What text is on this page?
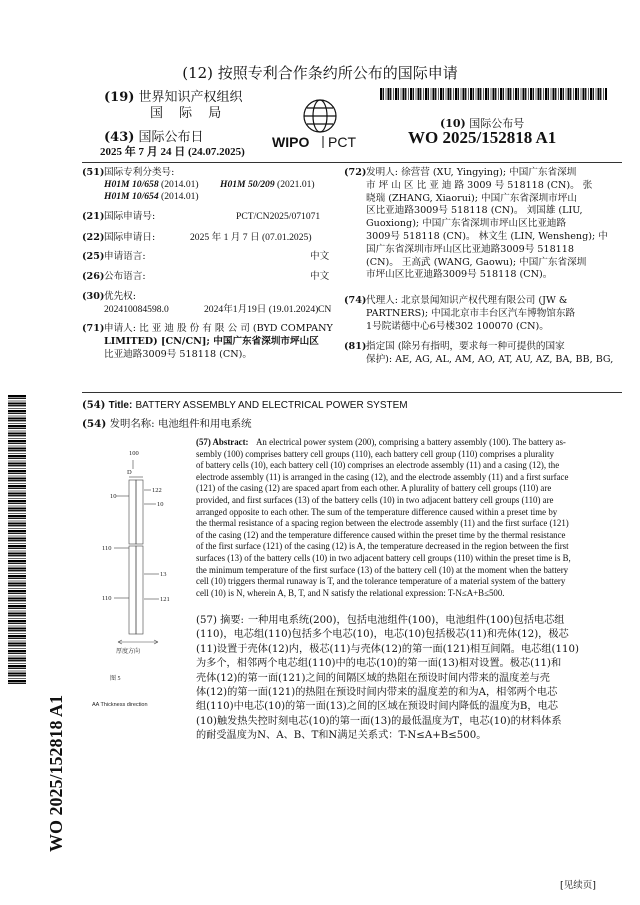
(12) 按照专利合作条约所公布的国际申请
(19) 世界知识产权组织
国 际 局
(43) 国际公布日
2025 年 7 月 24 日 (24.07.2025)
WIPO PCT
(10) 国际公布号
WO 2025/152818 A1
(51)国际专利分类号:
H01M 10/658 (2014.01) H01M 50/209 (2021.01)
H01M 10/654 (2014.01)
(21)国际申请号:	PCT/CN2025/071071
(22)国际申请日:	2025 年 1 月 7 日 (07.01.2025)
(25)申请语言:	中文
(26)公布语言:	中文
(30)优先权:
202410084598.0	2024年1月19日 (19.01.2024) CN
(71)申请人: 比 亚 迪 股 份 有 限 公 司 (BYD COMPANY
LIMITED) [CN/CN]; 中国广东省深圳市坪山区
比亚迪路3009号 518118 (CN)。
(72) 发明人: 徐营营 (XU, Yingying); 中国广东省深圳
市 坪 山 区 比 亚 迪 路 3009 号 518118 (CN)。 张
晓瑞 (ZHANG, Xiaorui); 中国广东省深圳市坪山
区比亚迪路3009号 518118 (CN)。 刘国雄 (LIU,
Guoxiong); 中国广东省深圳市坪山区比亚迪路
3009号 518118 (CN)。 林文生 (LIN, Wensheng); 中
国广东省深圳市坪山区比亚迪路3009号 518118
(CN)。 王高武 (WANG, Gaowu); 中国广东省深圳
市坪山区比亚迪路3009号 518118 (CN)。
(74) 代理人: 北京景闻知识产权代理有限公司 (JW &
PARTNERS); 中国北京市丰台区汽车博物馆东路
1号院诺德中心6号楼302 100070 (CN)。
(81) 指定国 (除另有指明，要求每一种可提供的国家
保护): AE, AG, AL, AM, AO, AT, AU, AZ, BA, BB, BG,
(54) Title: BATTERY ASSEMBLY AND ELECTRICAL POWER SYSTEM
(54) 发明名称: 电池组件和用电系统
100
D
122
10
10
110
13
110	121
厚度方向
图 5
AA Thickness direction
(57) Abstract: An electrical power system (200), comprising a battery assembly (100). The battery as-
sembly (100) comprises battery cell groups (110), each battery cell group (110) comprises a plurality
of battery cells (10), each battery cell (10) comprises an electrode assembly (11) and a casing (12), the
electrode assembly (11) is arranged in the casing (12), and the electrode assembly (11) and a first surface
(121) of the casing (12) are spaced apart from each other. A plurality of battery cell groups (110) are
provided, and first surfaces (13) of the battery cells (10) in two adjacent battery cell groups (110) are
arranged opposite to each other. The sum of the temperature difference caused within a preset time by
the thermal resistance of a spacing region between the electrode assembly (11) and the first surface (121)
of the casing (12) and the temperature difference caused within the preset time by the thermal resistance
of the first surface (121) of the casing (12) is A, the temperature decreased in the region between the first
surfaces (13) of the battery cells (10) in two adjacent battery cell groups (110) within the preset time is B,
the minimum temperature of the first surface (13) of the battery cell (10) at the moment when the battery
cell (10) triggers thermal runaway is T, and the tolerance temperature of a material system of the battery
cell (10) is N, wherein A, B, T, and N satisfy the relational expression: T-N≤A+B≤500.
(57) 摘要: 一种用电系统(200)，包括电池组件(100)，电池组件(100)包括电芯组
(110)，电芯组(110)包括多个电芯(10)，电芯(10)包括极芯(11)和壳体(12)，极芯
(11)设置于壳体(12)内，极芯(11)与壳体(12)的第一面(121)相互间隔。电芯组(110)
为多个，相邻两个电芯组(110)中的电芯(10)的第一面(13)相对设置。极芯(11)和
壳体(12)的第一面(121)之间的间隔区域的热阻在预设时间内带来的温度差与壳
体(12)的第一面(121)的热阻在预设时间内带来的温度差的和为A，相邻两个电芯
组(110)中电芯(10)的第一面(13)之间的区域在预设时间内降低的温度为B，电芯
(10)触发热失控时刻电芯(10)的第一面(13)的最低温度为T，电芯(10)的材料体系
的耐受温度为N、A、B、T和N满足关系式：T-N≤A+B≤500。
WO 2025/152818 A1
[见续页]
